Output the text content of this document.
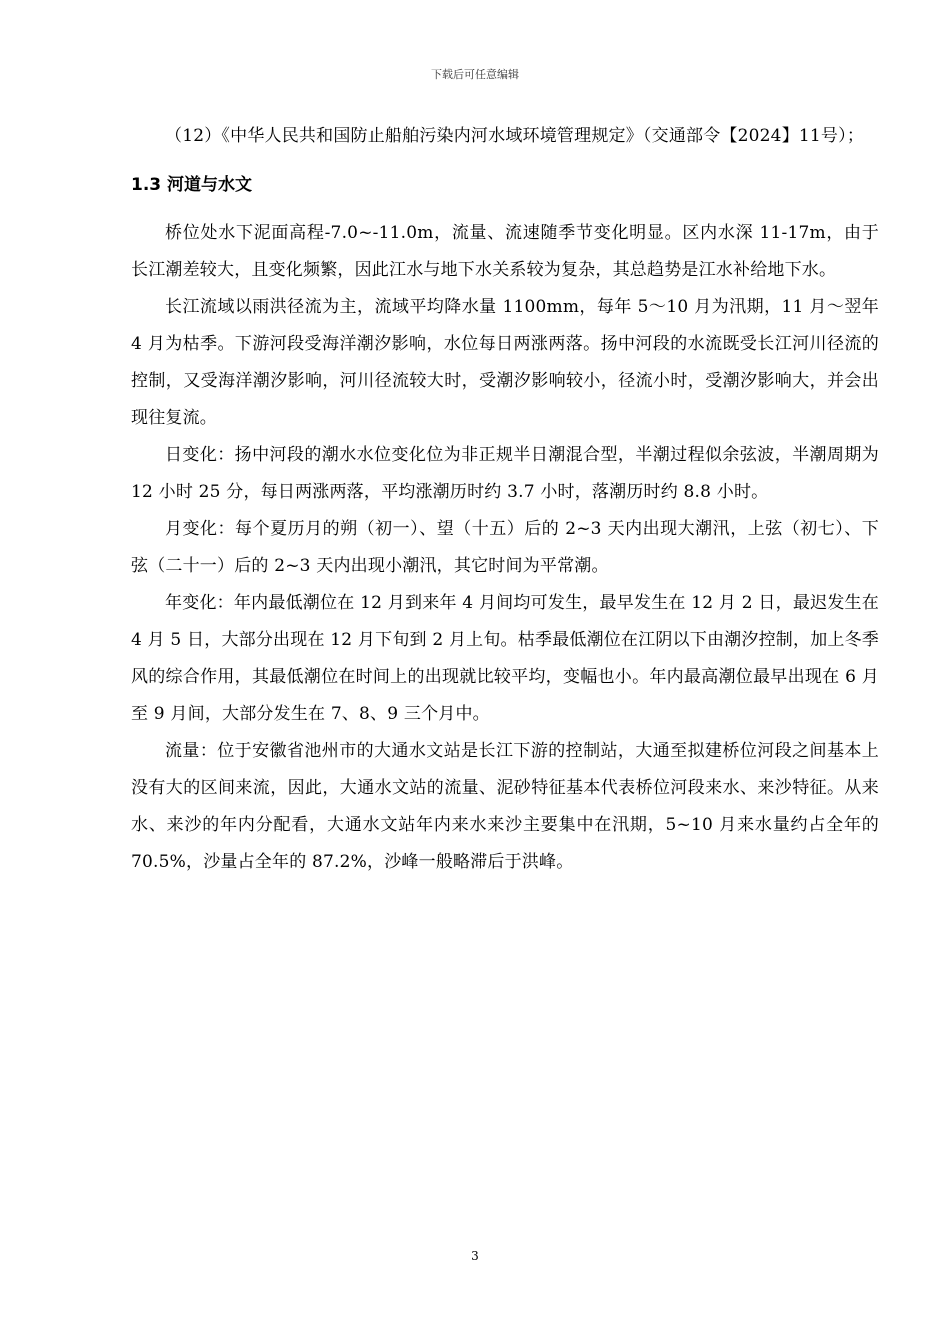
下载后可任意编辑

（12）《中华人民共和国防止船舶污染内河水域环境管理规定》（交通部令【2024】11号）；

1.3 河道与水文

桥位处水下泥面高程-7.0~-11.0m，流量、流速随季节变化明显。区内水深 11-17m，由于长江潮差较大，且变化频繁，因此江水与地下水关系较为复杂，其总趋势是江水补给地下水。

长江流域以雨洪径流为主，流域平均降水量 1100mm，每年 5～10 月为汛期，11 月～翌年 4 月为枯季。下游河段受海洋潮汐影响，水位每日两涨两落。扬中河段的水流既受长江河川径流的控制，又受海洋潮汐影响，河川径流较大时，受潮汐影响较小，径流小时，受潮汐影响大，并会出现往复流。

日变化：扬中河段的潮水水位变化位为非正规半日潮混合型，半潮过程似余弦波，半潮周期为 12 小时 25 分，每日两涨两落，平均涨潮历时约 3.7 小时，落潮历时约 8.8 小时。

月变化：每个夏历月的朔（初一）、望（十五）后的 2~3 天内出现大潮汛，上弦（初七）、下弦（二十一）后的 2~3 天内出现小潮汛，其它时间为平常潮。

年变化：年内最低潮位在 12 月到来年 4 月间均可发生，最早发生在 12 月 2 日，最迟发生在 4 月 5 日，大部分出现在 12 月下旬到 2 月上旬。枯季最低潮位在江阴以下由潮汐控制，加上冬季风的综合作用，其最低潮位在时间上的出现就比较平均，变幅也小。年内最高潮位最早出现在 6 月至 9 月间，大部分发生在 7、8、9 三个月中。

流量：位于安徽省池州市的大通水文站是长江下游的控制站，大通至拟建桥位河段之间基本上没有大的区间来流，因此，大通水文站的流量、泥砂特征基本代表桥位河段来水、来沙特征。从来水、来沙的年内分配看，大通水文站年内来水来沙主要集中在汛期，5~10 月来水量约占全年的 70.5%，沙量占全年的 87.2%，沙峰一般略滞后于洪峰。

3
